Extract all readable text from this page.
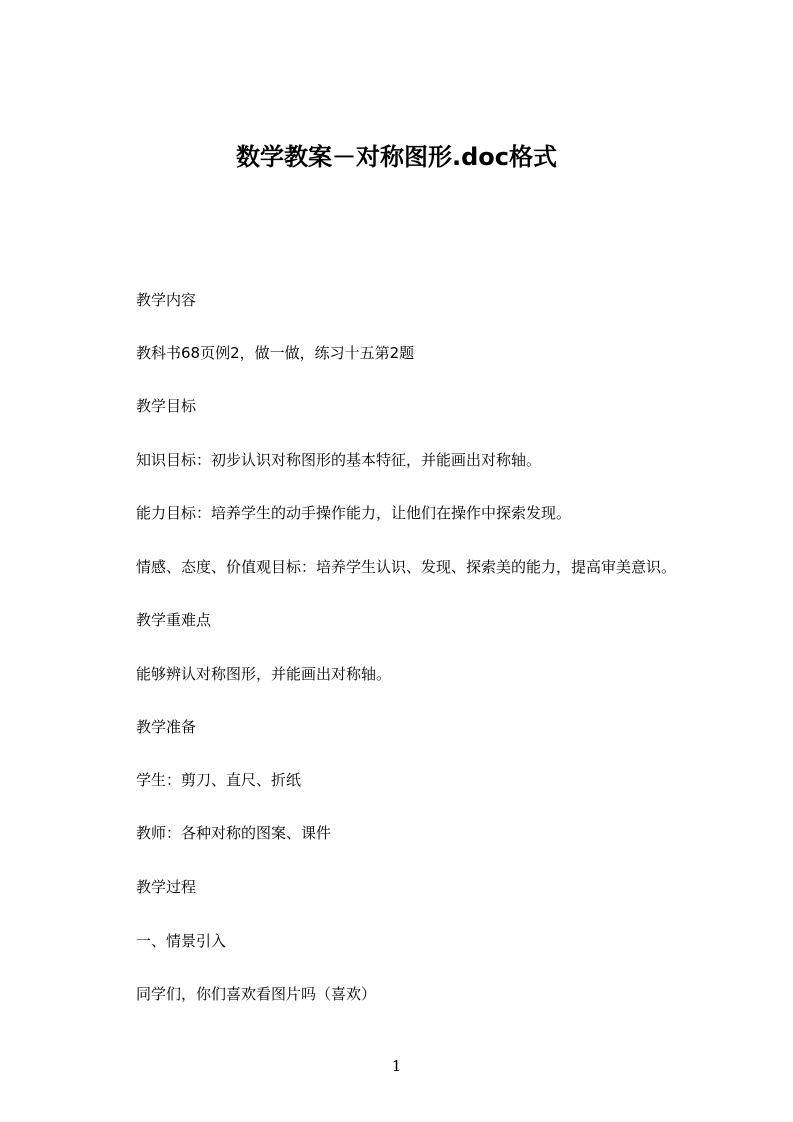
数学教案－对称图形.doc格式
教学内容
教科书68页例2，做一做，练习十五第2题
教学目标
知识目标：初步认识对称图形的基本特征，并能画出对称轴。
能力目标：培养学生的动手操作能力，让他们在操作中探索发现。
情感、态度、价值观目标：培养学生认识、发现、探索美的能力，提高审美意识。
教学重难点
能够辨认对称图形，并能画出对称轴。
教学准备
学生：剪刀、直尺、折纸
教师：各种对称的图案、课件
教学过程
一、情景引入
同学们，你们喜欢看图片吗（喜欢）
1
